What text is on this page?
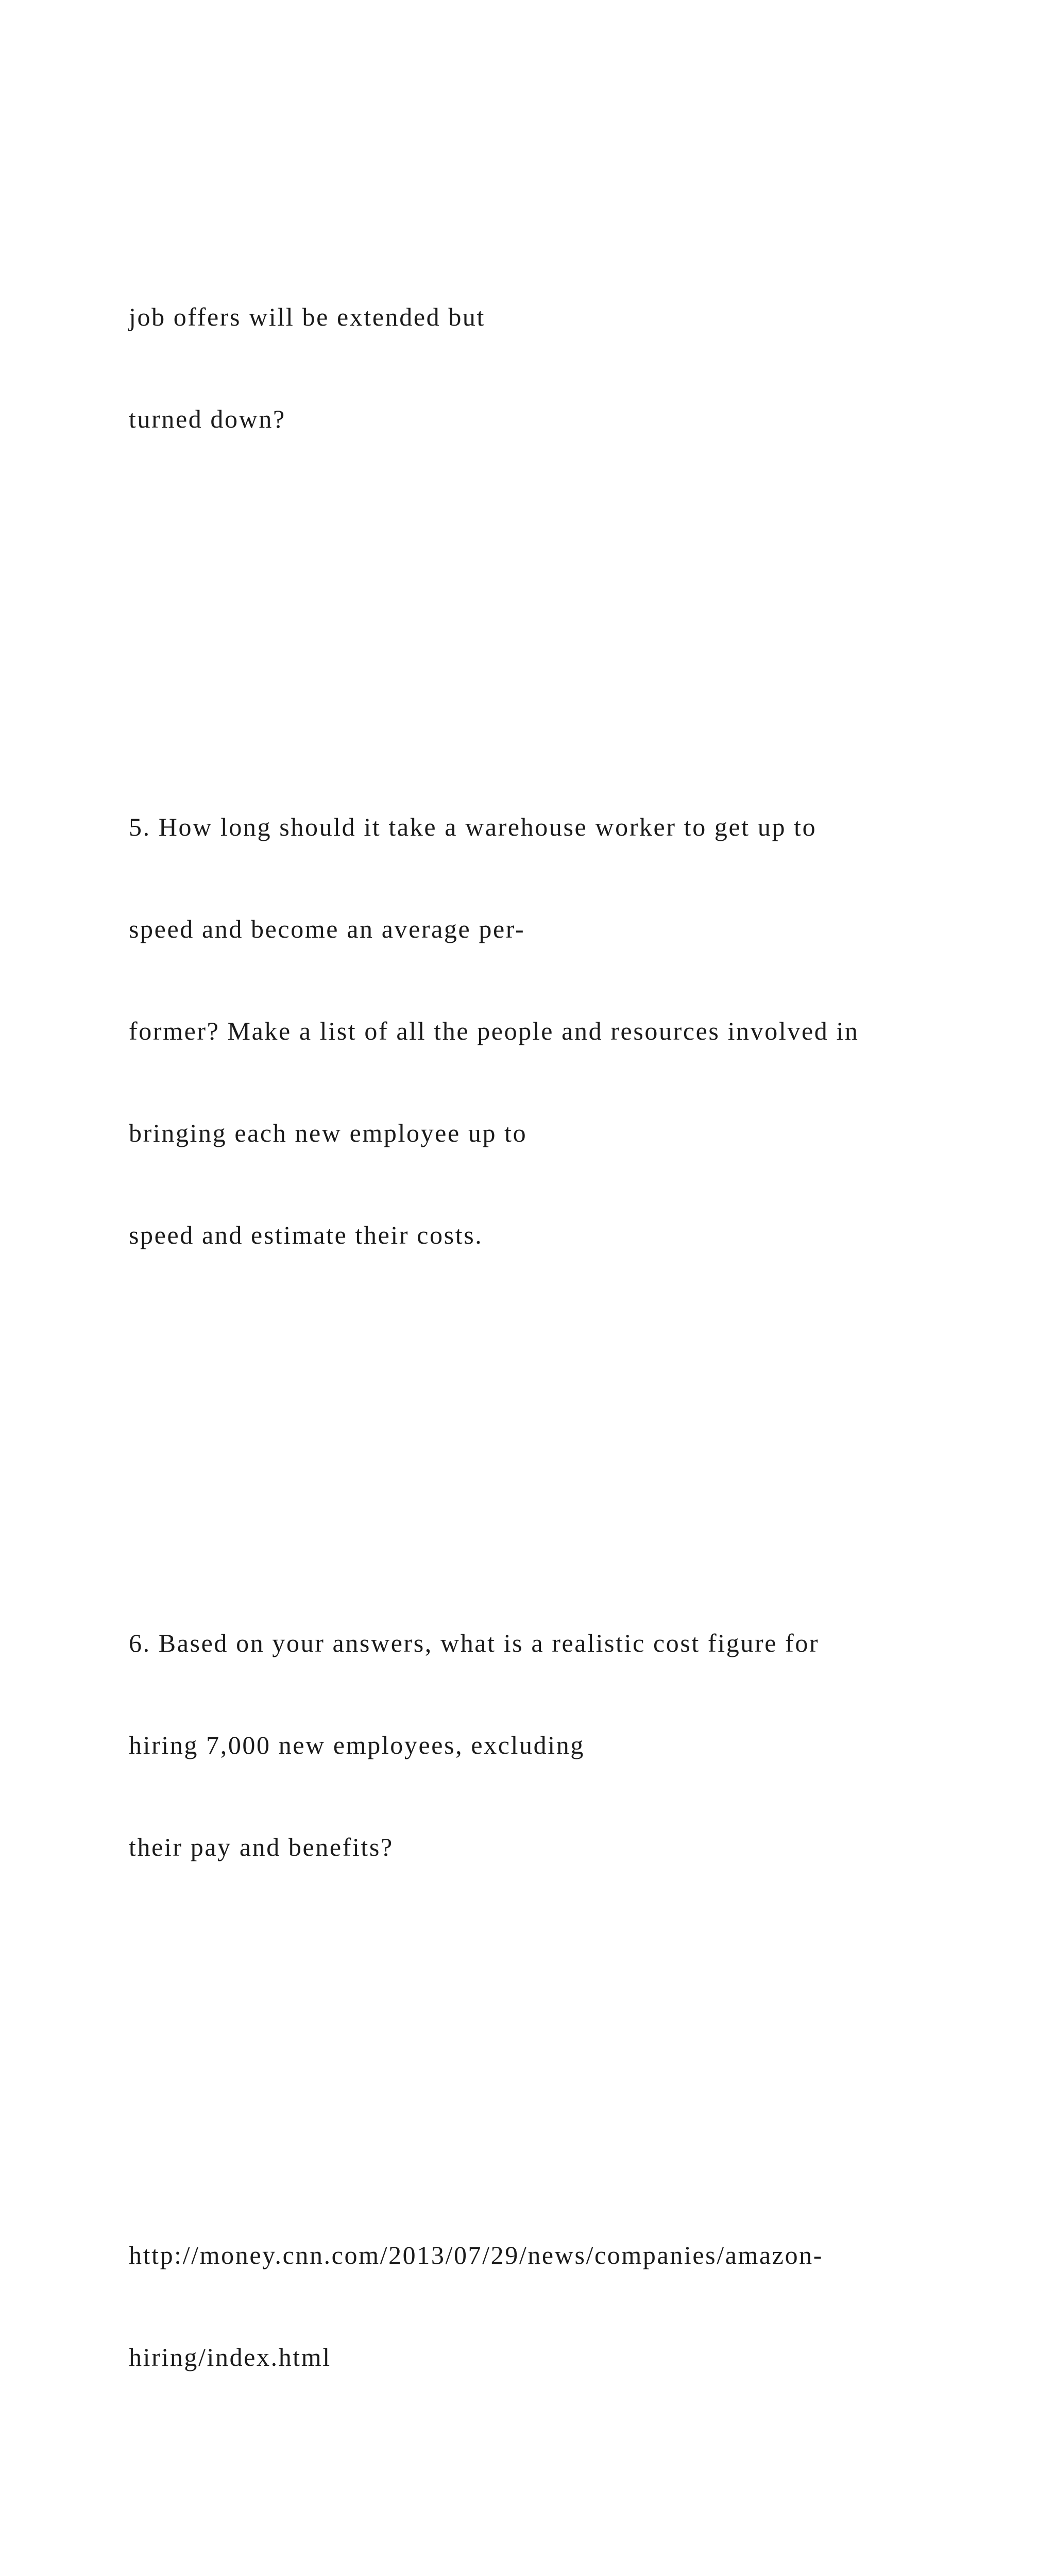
job offers will be extended but

turned down?

5. How long should it take a warehouse worker to get up to

speed and become an average per-

former? Make a list of all the people and resources involved in

bringing each new employee up to

speed and estimate their costs.

6. Based on your answers, what is a realistic cost figure for

hiring 7,000 new employees, excluding

their pay and benefits?

http://money.cnn.com/2013/07/29/news/companies/amazon-

hiring/index.html
